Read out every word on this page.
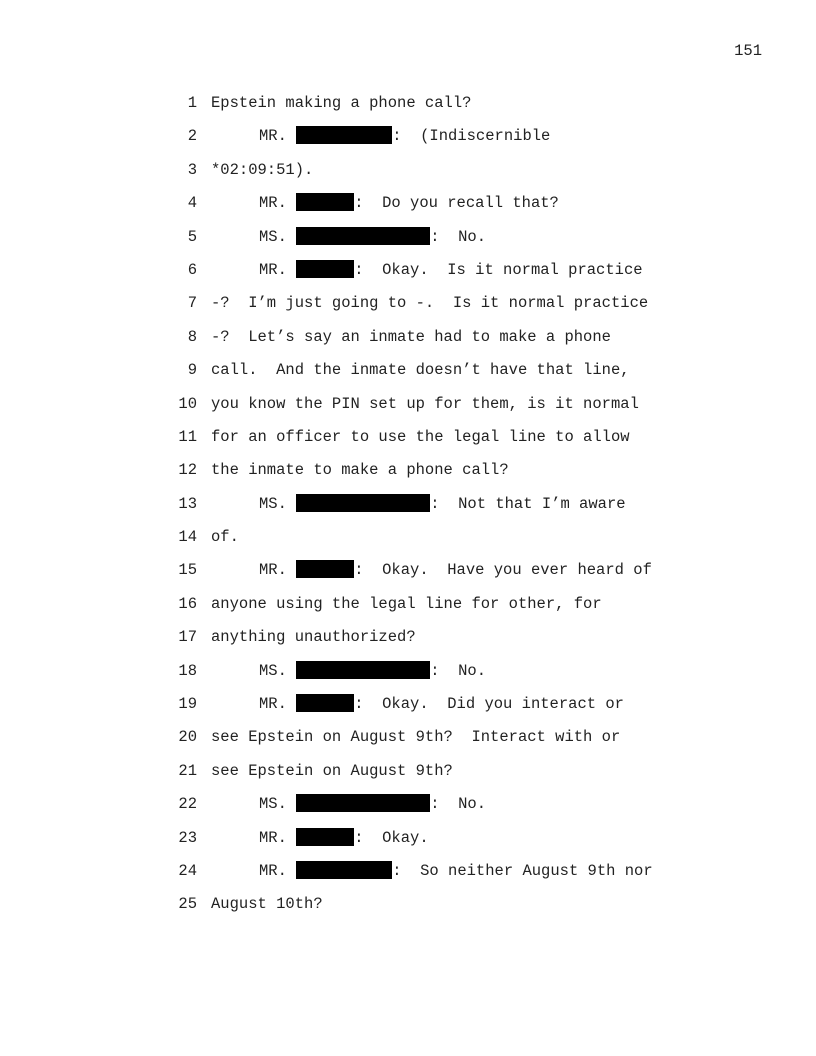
151
1 Epstein making a phone call?
2	MR.	:  (Indiscernible
3 *02:09:51).
4	MR.	:  Do you recall that?
5	MS.	:  No.
6	MR.	:  Okay.  Is it normal practice
7 -?  I’m just going to -.  Is it normal practice
8 -?  Let’s say an inmate had to make a phone
9 call.  And the inmate doesn’t have that line,
10 you know the PIN set up for them, is it normal
11 for an officer to use the legal line to allow
12 the inmate to make a phone call?
13	MS.	:  Not that I’m aware
14 of.
15	MR.	:  Okay.  Have you ever heard of
16 anyone using the legal line for other, for
17 anything unauthorized?
18	MS.	:  No.
19	MR.	:  Okay.  Did you interact or
20 see Epstein on August 9th?  Interact with or
21 see Epstein on August 9th?
22	MS.	:  No.
23	MR.	:  Okay.
24	MR.	:  So neither August 9th nor
25 August 10th?
